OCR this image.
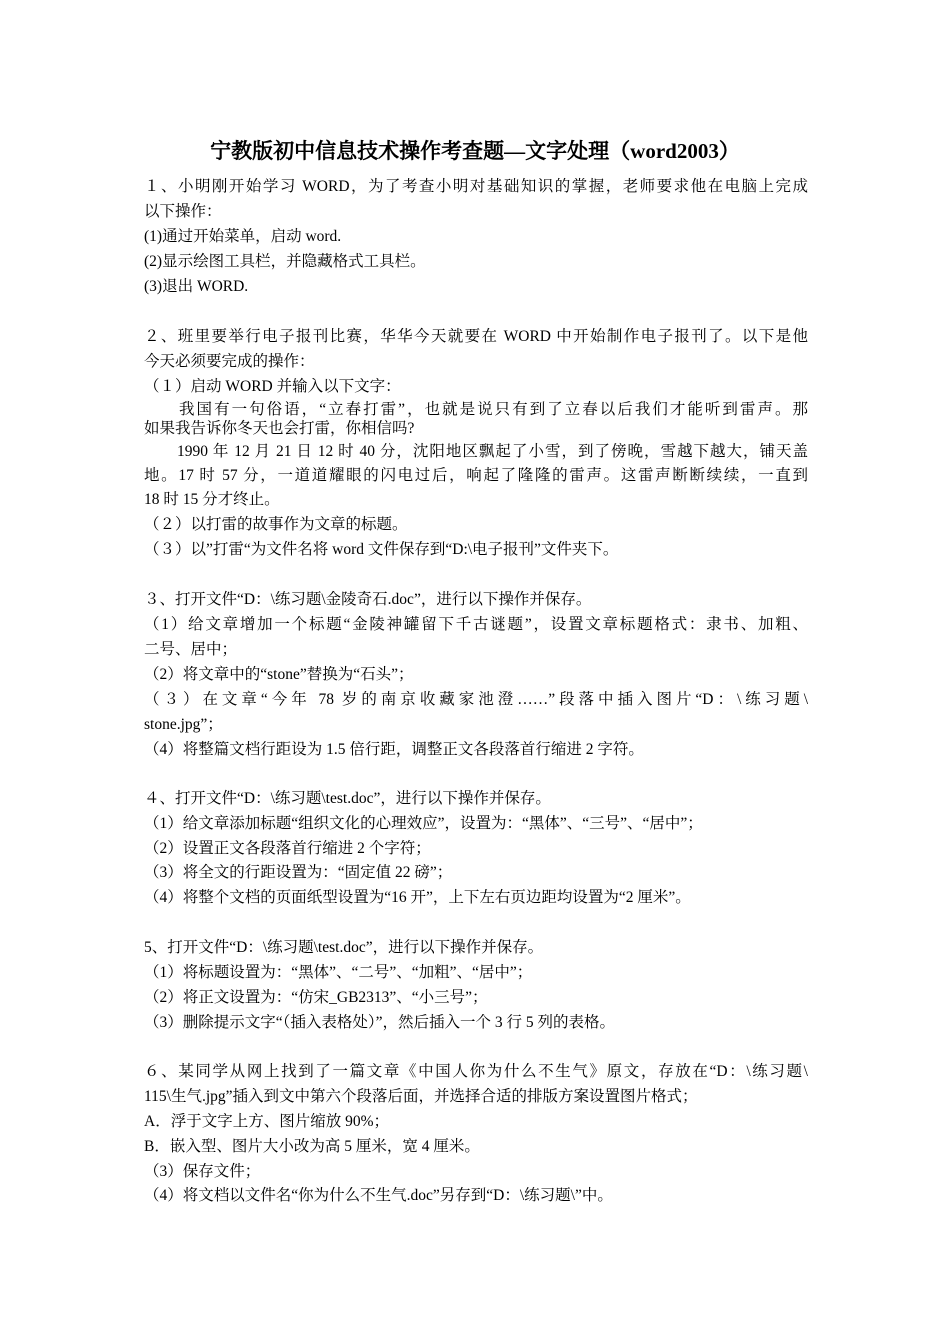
宁教版初中信息技术操作考查题—文字处理（word2003）
１、小明刚开始学习 WORD，为了考查小明对基础知识的掌握，老师要求他在电脑上完成
以下操作：
(1)通过开始菜单，启动 word.
(2)显示绘图工具栏，并隐藏格式工具栏。
(3)退出 WORD.
２、班里要举行电子报刊比赛，华华今天就要在 WORD 中开始制作电子报刊了。以下是他
今天必须要完成的操作：
（１）启动 WORD 并输入以下文字：
　　我国有一句俗语，“立春打雷”，也就是说只有到了立春以后我们才能听到雷声。那
如果我告诉你冬天也会打雷，你相信吗?
　　1990 年 12 月 21 日 12 时 40 分，沈阳地区飘起了小雪，到了傍晚，雪越下越大，铺天盖
地。17 时 57 分，一道道耀眼的闪电过后，响起了隆隆的雷声。这雷声断断续续，一直到
18 时 15 分才终止。
（２）以打雷的故事作为文章的标题。
（３）以”打雷“为文件名将 word 文件保存到“D:\电子报刊”文件夹下。
３、打开文件“D：\练习题\金陵奇石.doc”，进行以下操作并保存。
（1）给文章增加一个标题“金陵神罐留下千古谜题”，设置文章标题格式：隶书、加粗、
二号、居中；
（2）将文章中的“stone”替换为“石头”；
（３）在文章“今年 78 岁的南京收藏家池澄……”段落中插入图片“D：\练习题\
stone.jpg”；
（4）将整篇文档行距设为 1.5 倍行距，调整正文各段落首行缩进 2 字符。
４、打开文件“D：\练习题\test.doc”，进行以下操作并保存。
（1）给文章添加标题“组织文化的心理效应”，设置为：“黑体”、“三号”、“居中”；
（2）设置正文各段落首行缩进 2 个字符；
（3）将全文的行距设置为：“固定值 22 磅”；
（4）将整个文档的页面纸型设置为“16 开”，上下左右页边距均设置为“2 厘米”。
5、打开文件“D：\练习题\test.doc”，进行以下操作并保存。
（1）将标题设置为：“黑体”、“二号”、“加粗”、“居中”；
（2）将正文设置为：“仿宋_GB2313”、“小三号”；
（3）删除提示文字“（插入表格处）”，然后插入一个 3 行 5 列的表格。
６、某同学从网上找到了一篇文章《中国人你为什么不生气》原文，存放在“D：\练习题\
115\生气.jpg”插入到文中第六个段落后面，并选择合适的排版方案设置图片格式；
A．浮于文字上方、图片缩放 90%；
B．嵌入型、图片大小改为高 5 厘米，宽 4 厘米。
（3）保存文件；
（4）将文档以文件名“你为什么不生气.doc”另存到“D：\练习题\”中。
